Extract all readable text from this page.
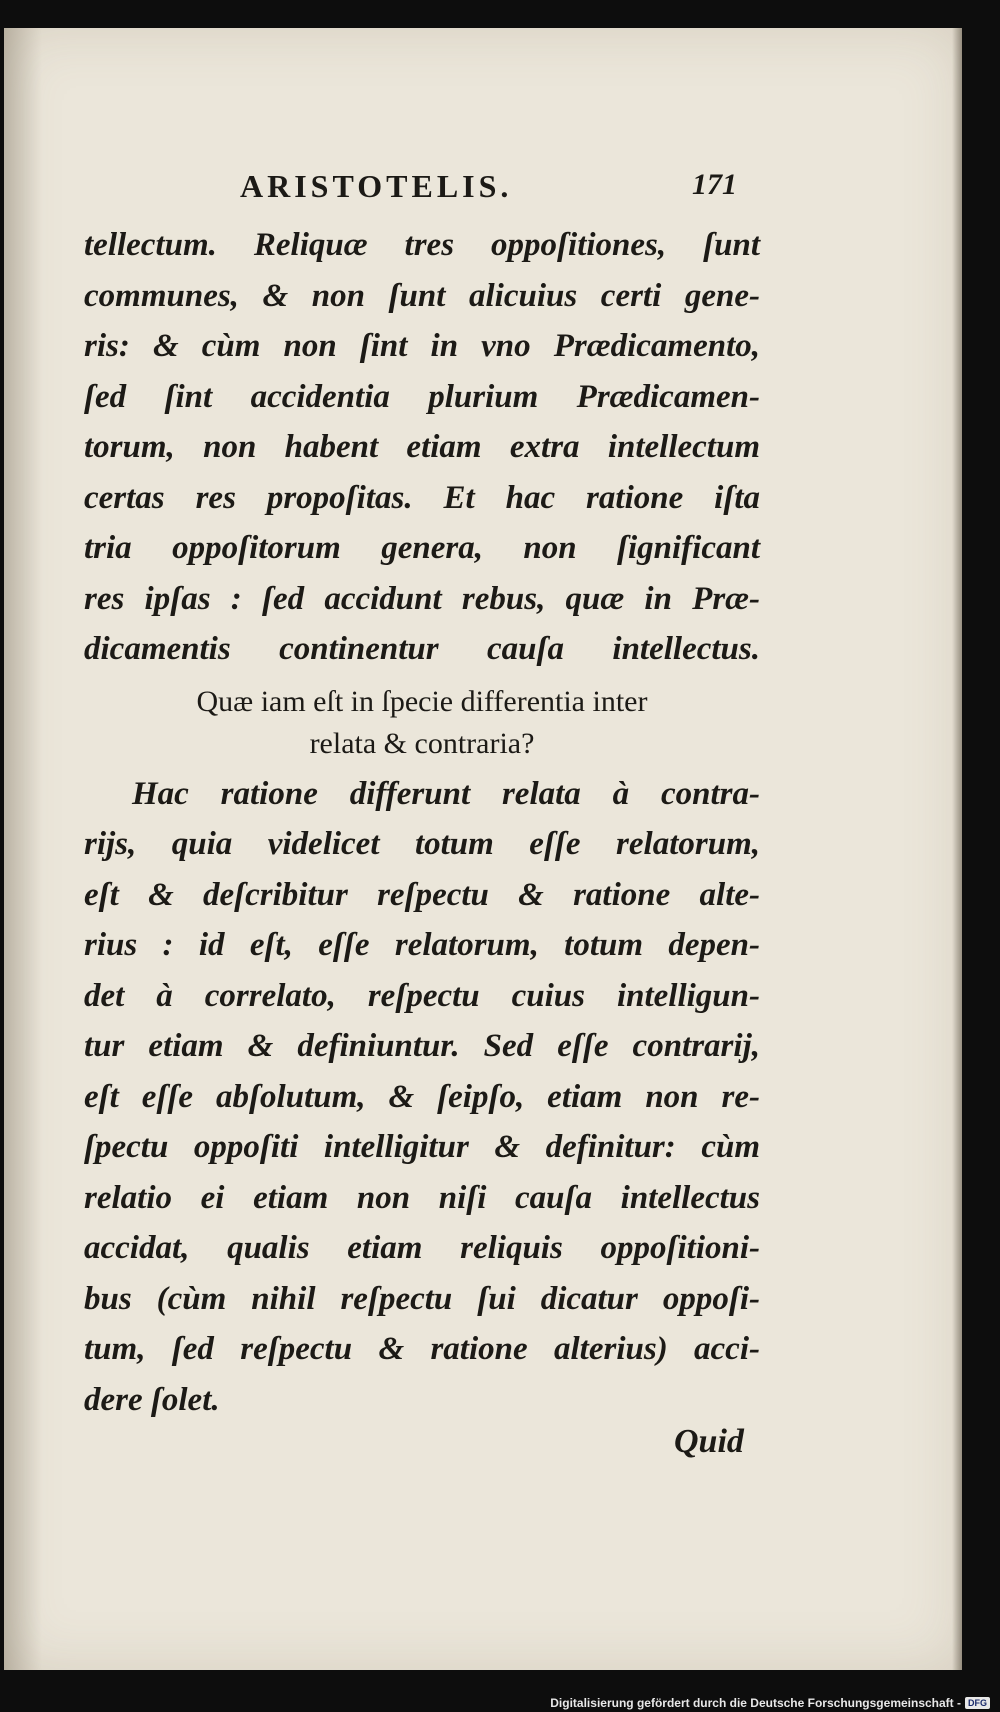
ARISTOTELIS.	171
tellectum. Reliquæ tres oppoſitiones, ſunt
communes, & non ſunt alicuius certi gene-
ris: & cùm non ſint in vno Prædicamento,
ſed ſint accidentia plurium Prædicamen-
torum, non habent etiam extra intellectum
certas res propoſitas. Et hac ratione iſta
tria oppoſitorum genera, non ſignificant
res ipſas : ſed accidunt rebus, quæ in Præ-
dicamentis continentur cauſa intellectus.
Quæ iam eſt in ſpecie differentia inter
relata & contraria?
Hac ratione differunt relata à contra-
rijs, quia videlicet totum eſſe relatorum,
eſt & deſcribitur reſpectu & ratione alte-
rius : id eſt, eſſe relatorum, totum depen-
det à correlato, reſpectu cuius intelligun-
tur etiam & definiuntur. Sed eſſe contrarij,
eſt eſſe abſolutum, & ſeipſo, etiam non re-
ſpectu oppoſiti intelligitur & definitur: cùm
relatio ei etiam non niſi cauſa intellectus
accidat, qualis etiam reliquis oppoſitioni-
bus (cùm nihil reſpectu ſui dicatur oppoſi-
tum, ſed reſpectu & ratione alterius) acci-
dere ſolet.
Quid
Digitalisierung gefördert durch die Deutsche Forschungsgemeinschaft - DFG
